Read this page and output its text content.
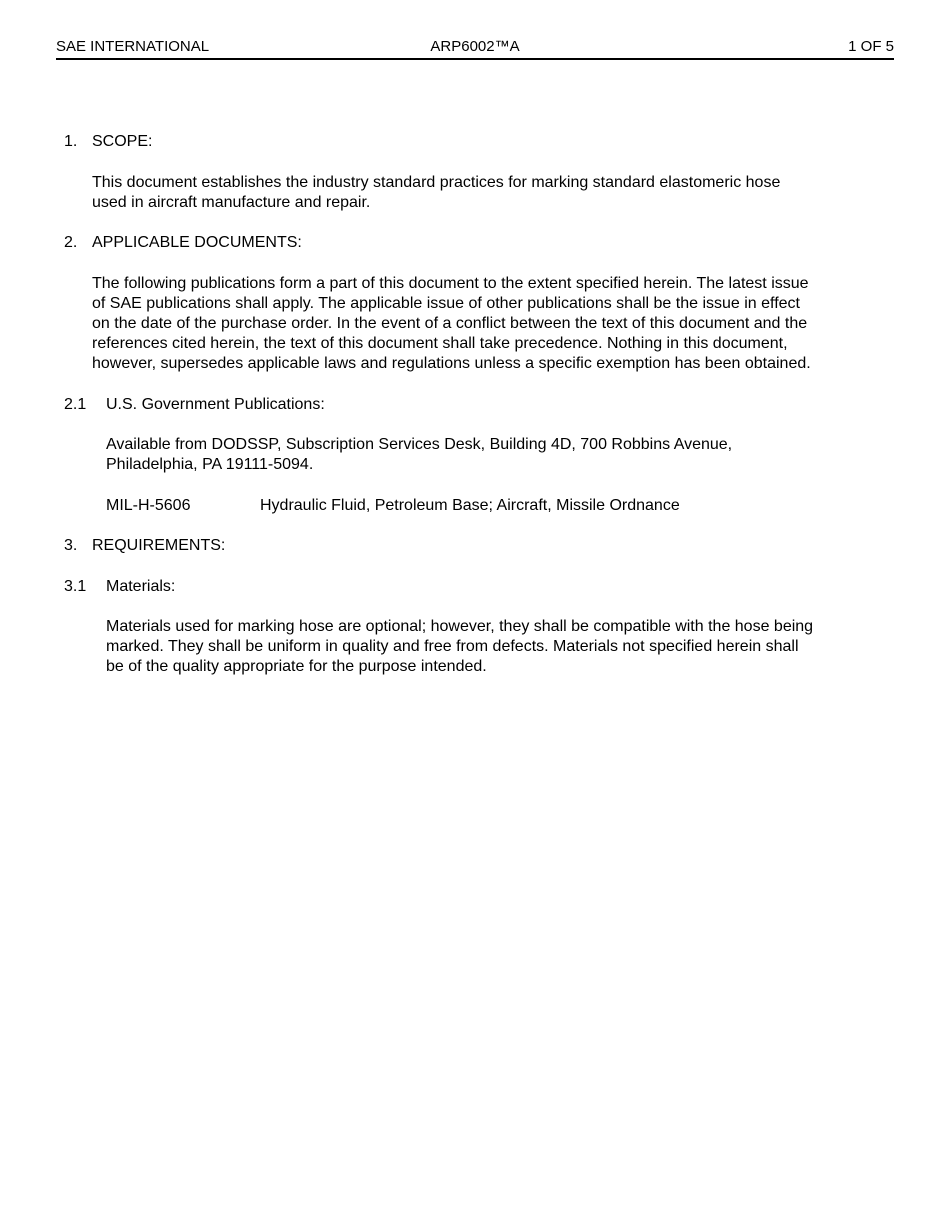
SAE INTERNATIONAL	ARP6002™A	1 OF 5
1. SCOPE:
This document establishes the industry standard practices for marking standard elastomeric hose
used in aircraft manufacture and repair.
2. APPLICABLE DOCUMENTS:
The following publications form a part of this document to the extent specified herein. The latest issue
of SAE publications shall apply. The applicable issue of other publications shall be the issue in effect
on the date of the purchase order. In the event of a conflict between the text of this document and the
references cited herein, the text of this document shall take precedence. Nothing in this document,
however, supersedes applicable laws and regulations unless a specific exemption has been obtained.
2.1 U.S. Government Publications:
Available from DODSSP, Subscription Services Desk, Building 4D, 700 Robbins Avenue,
Philadelphia, PA 19111-5094.
MIL-H-5606	Hydraulic Fluid, Petroleum Base; Aircraft, Missile Ordnance
3. REQUIREMENTS:
3.1 Materials:
Materials used for marking hose are optional; however, they shall be compatible with the hose being
marked. They shall be uniform in quality and free from defects. Materials not specified herein shall
be of the quality appropriate for the purpose intended.
